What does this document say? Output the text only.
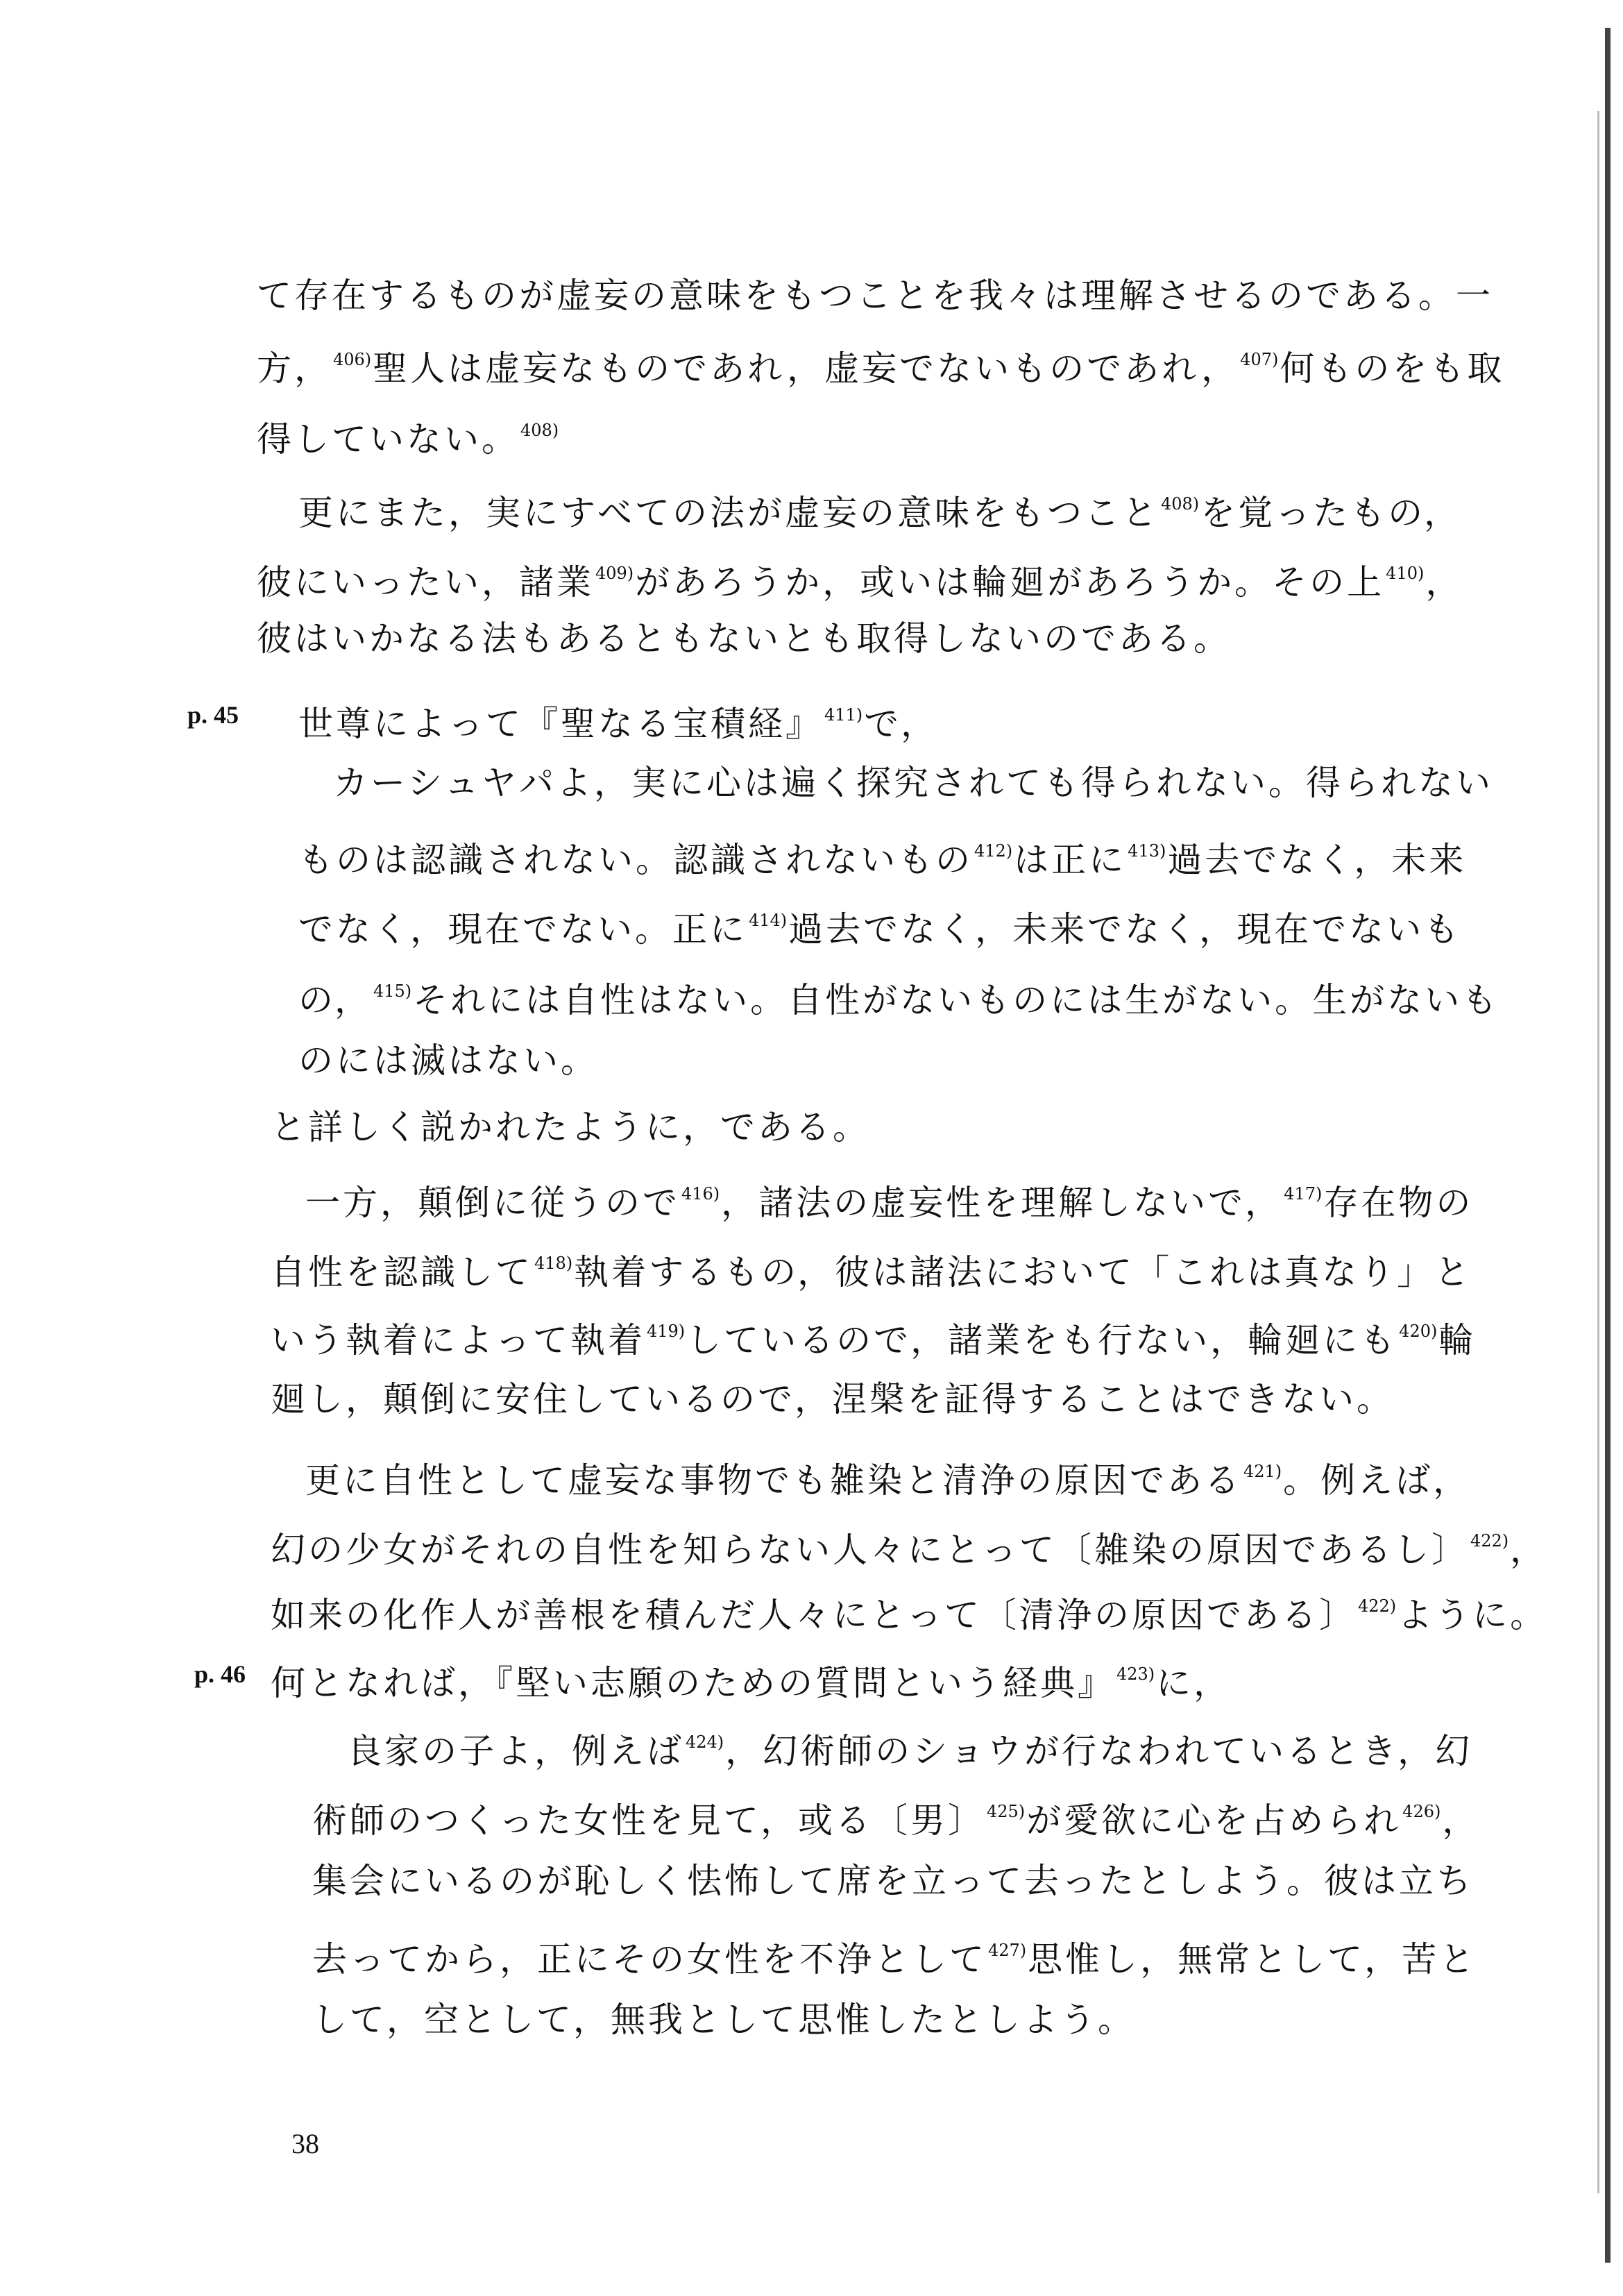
て存在するものが虚妄の意味をもつことを我々は理解させるのである。一
方，$^{406)}$聖人は虚妄なものであれ，虚妄でないものであれ，$^{407)}$何ものをも取
得していない。$^{408)}$
更にまた，実にすべての法が虚妄の意味をもつこと$^{408)}$を覚ったもの，
彼にいったい，諸業$^{409)}$があろうか，或いは輪廻があろうか。その上$^{410)}$，
彼はいかなる法もあるともないとも取得しないのである。
p. 45 世尊によって『聖なる宝積経』$^{411)}$で，
カーシュヤパよ，実に心は遍く探究されても得られない。得られない
ものは認識されない。認識されないもの$^{412)}$は正に$^{413)}$過去でなく，未来
でなく，現在でない。正に$^{414)}$過去でなく，未来でなく，現在でないも
の，$^{415)}$それには自性はない。自性がないものには生がない。生がないも
のには滅はない。
と詳しく説かれたように，である。
一方，顛倒に従うので$^{416)}$，諸法の虚妄性を理解しないで，$^{417)}$存在物の
自性を認識して$^{418)}$執着するもの，彼は諸法において「これは真なり」と
いう執着によって執着$^{419)}$しているので，諸業をも行ない，輪廻にも$^{420)}$輪
廻し，顛倒に安住しているので，涅槃を証得することはできない。
更に自性として虚妄な事物でも雑染と清浄の原因である$^{421)}$。例えば，
幻の少女がそれの自性を知らない人々にとって〔雑染の原因であるし〕$^{422)}$，
如来の化作人が善根を積んだ人々にとって〔清浄の原因である〕$^{422)}$ように。
p. 46 何となれば，『堅い志願のための質問という経典』$^{423)}$に，
良家の子よ，例えば$^{424)}$，幻術師のショウが行なわれているとき，幻
術師のつくった女性を見て，或る〔男〕$^{425)}$が愛欲に心を占められ$^{426)}$，
集会にいるのが恥しく怯怖して席を立って去ったとしよう。彼は立ち
去ってから，正にその女性を不浄として$^{427)}$思惟し，無常として，苦と
して，空として，無我として思惟したとしよう。
38
